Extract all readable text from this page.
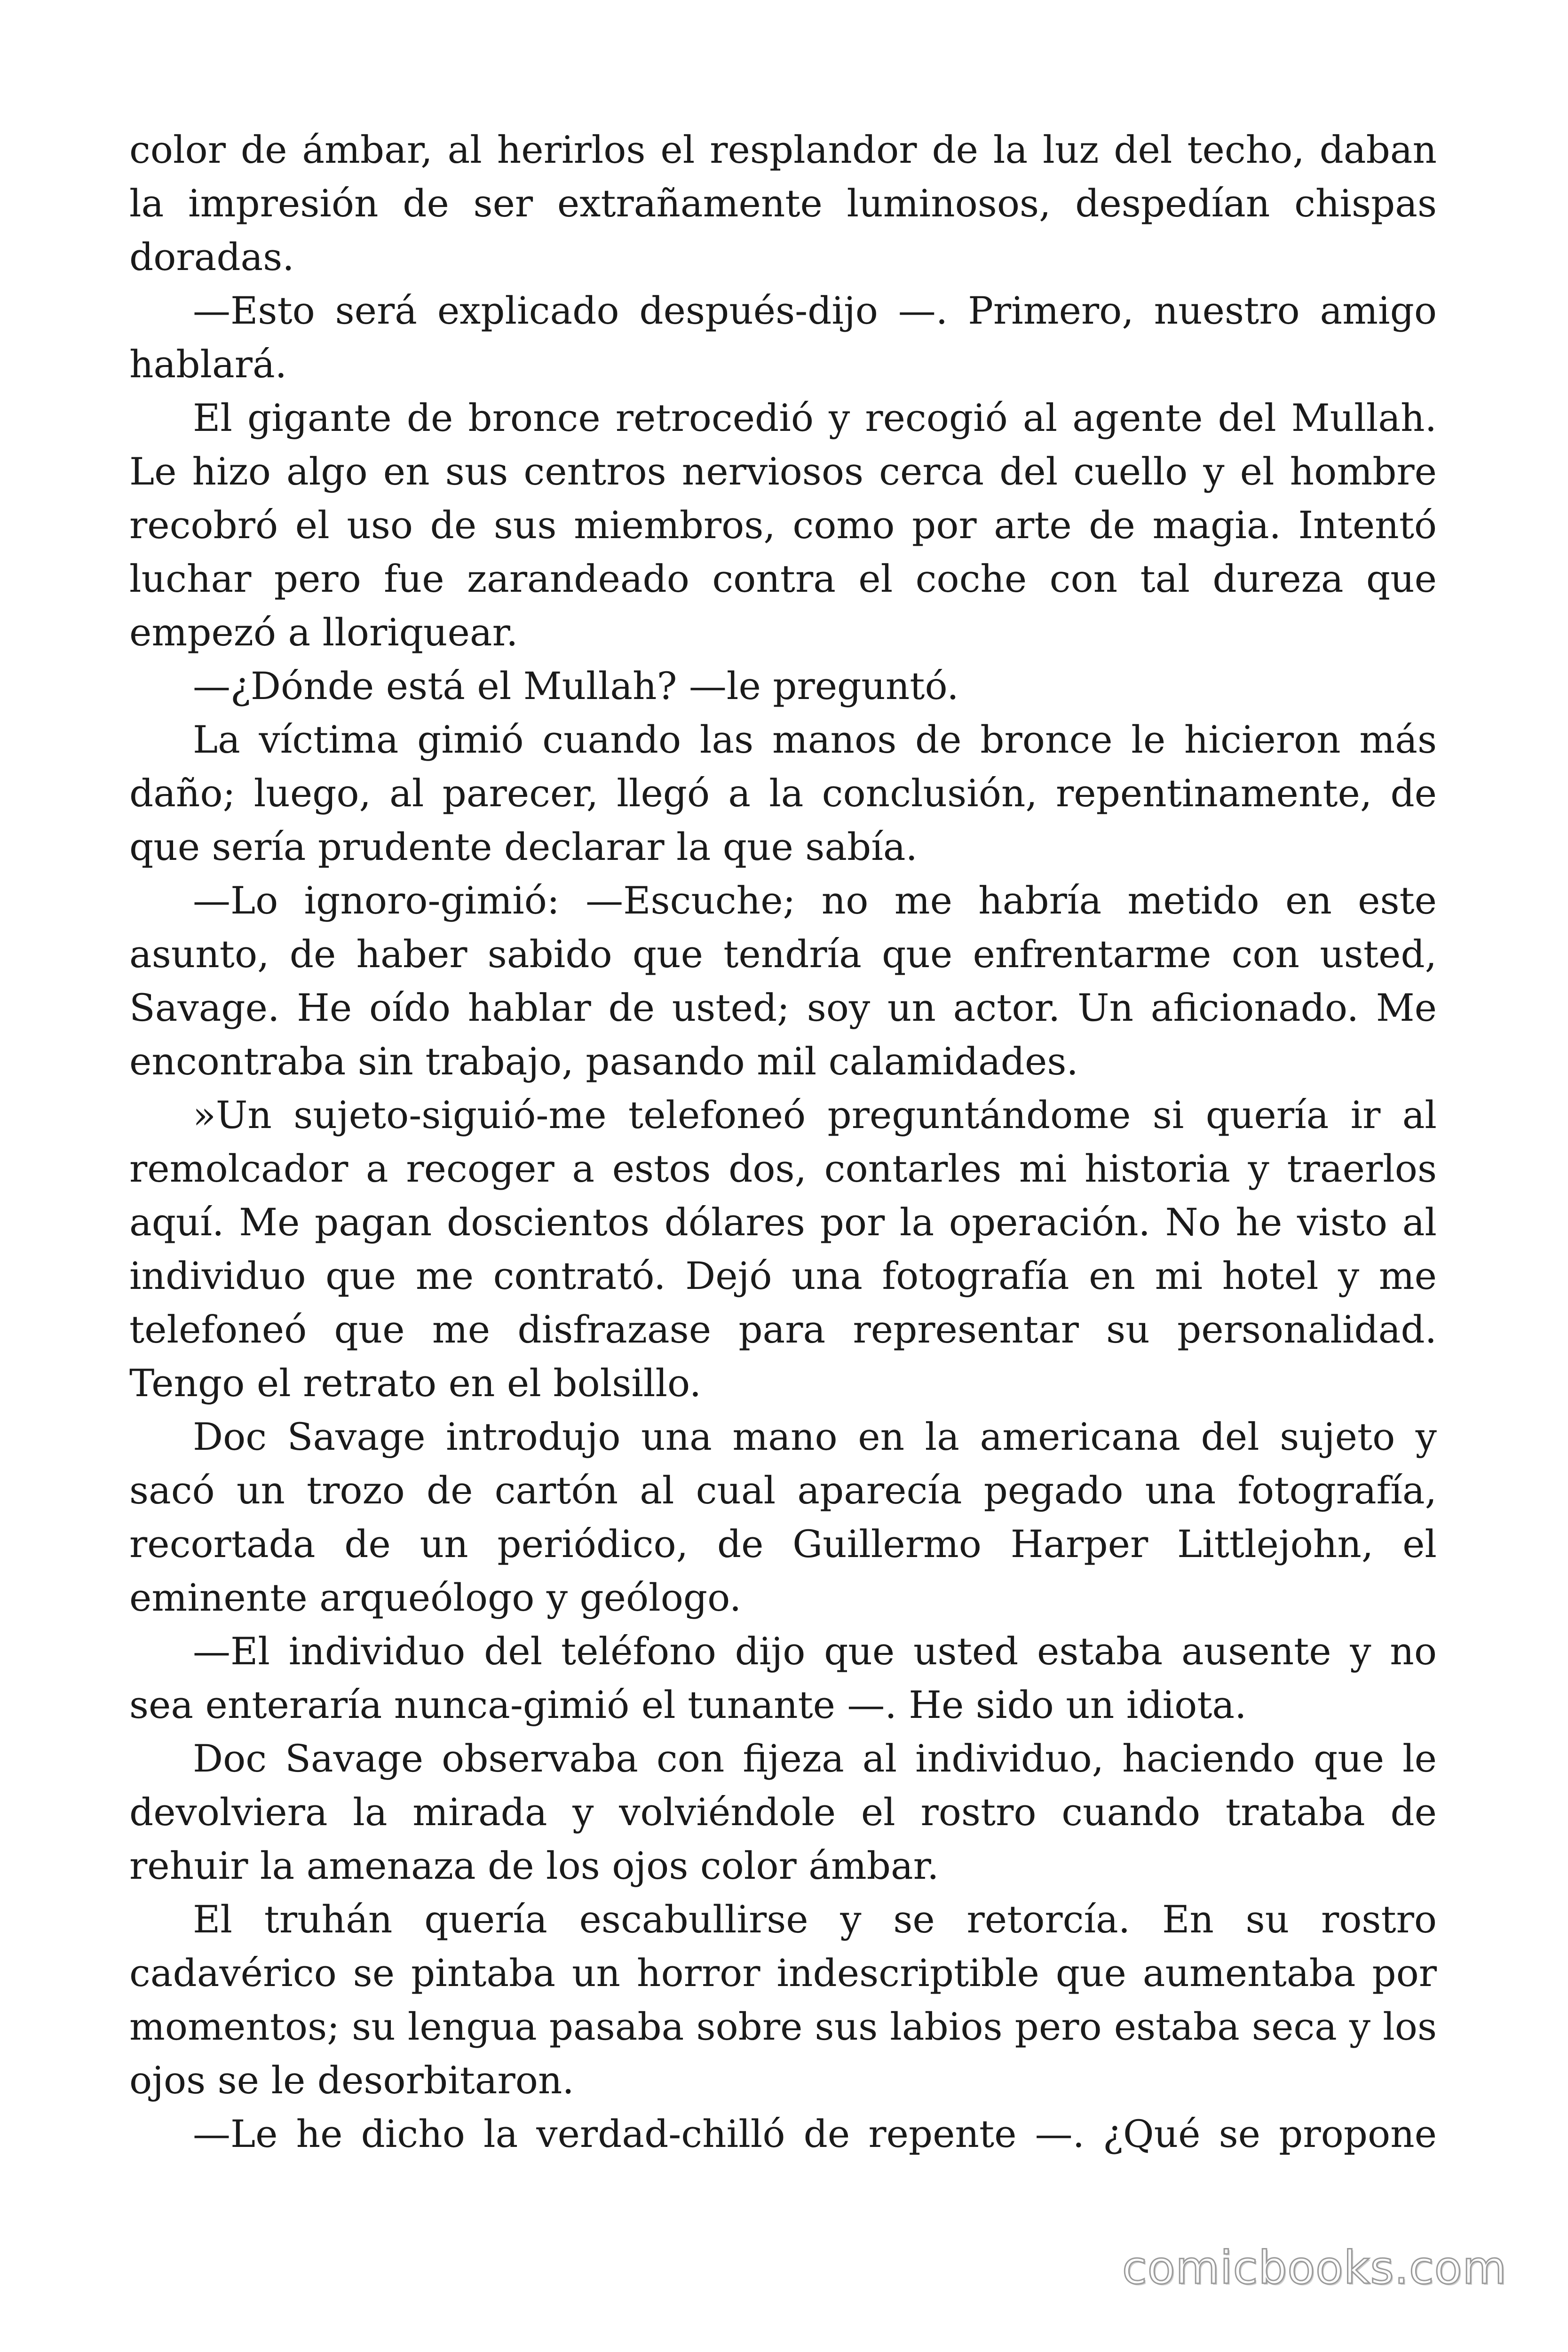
color de ámbar, al herirlos el resplandor de la luz del techo, daban la impresión de ser extrañamente luminosos, despedían chispas doradas.

—Esto será explicado después-dijo —. Primero, nuestro amigo hablará.

El gigante de bronce retrocedió y recogió al agente del Mullah. Le hizo algo en sus centros nerviosos cerca del cuello y el hombre recobró el uso de sus miembros, como por arte de magia. Intentó luchar pero fue zarandeado contra el coche con tal dureza que empezó a lloriquear.

—¿Dónde está el Mullah? —le preguntó.

La víctima gimió cuando las manos de bronce le hicieron más daño; luego, al parecer, llegó a la conclusión, repentinamente, de que sería prudente declarar la que sabía.

—Lo ignoro-gimió: —Escuche; no me habría metido en este asunto, de haber sabido que tendría que enfrentarme con usted, Savage. He oído hablar de usted; soy un actor. Un aficionado. Me encontraba sin trabajo, pasando mil calamidades.

»Un sujeto-siguió-me telefoneó preguntándome si quería ir al remolcador a recoger a estos dos, contarles mi historia y traerlos aquí. Me pagan doscientos dólares por la operación. No he visto al individuo que me contrató. Dejó una fotografía en mi hotel y me telefoneó que me disfrazase para representar su personalidad. Tengo el retrato en el bolsillo.

Doc Savage introdujo una mano en la americana del sujeto y sacó un trozo de cartón al cual aparecía pegado una fotografía, recortada de un periódico, de Guillermo Harper Littlejohn, el eminente arqueólogo y geólogo.

—El individuo del teléfono dijo que usted estaba ausente y no sea enteraría nunca-gimió el tunante —. He sido un idiota.

Doc Savage observaba con fijeza al individuo, haciendo que le devolviera la mirada y volviéndole el rostro cuando trataba de rehuir la amenaza de los ojos color ámbar.

El truhán quería escabullirse y se retorcía. En su rostro cadavérico se pintaba un horror indescriptible que aumentaba por momentos; su lengua pasaba sobre sus labios pero estaba seca y los ojos se le desorbitaron.

—Le he dicho la verdad-chilló de repente —. ¿Qué se propone

comicbooks.com
